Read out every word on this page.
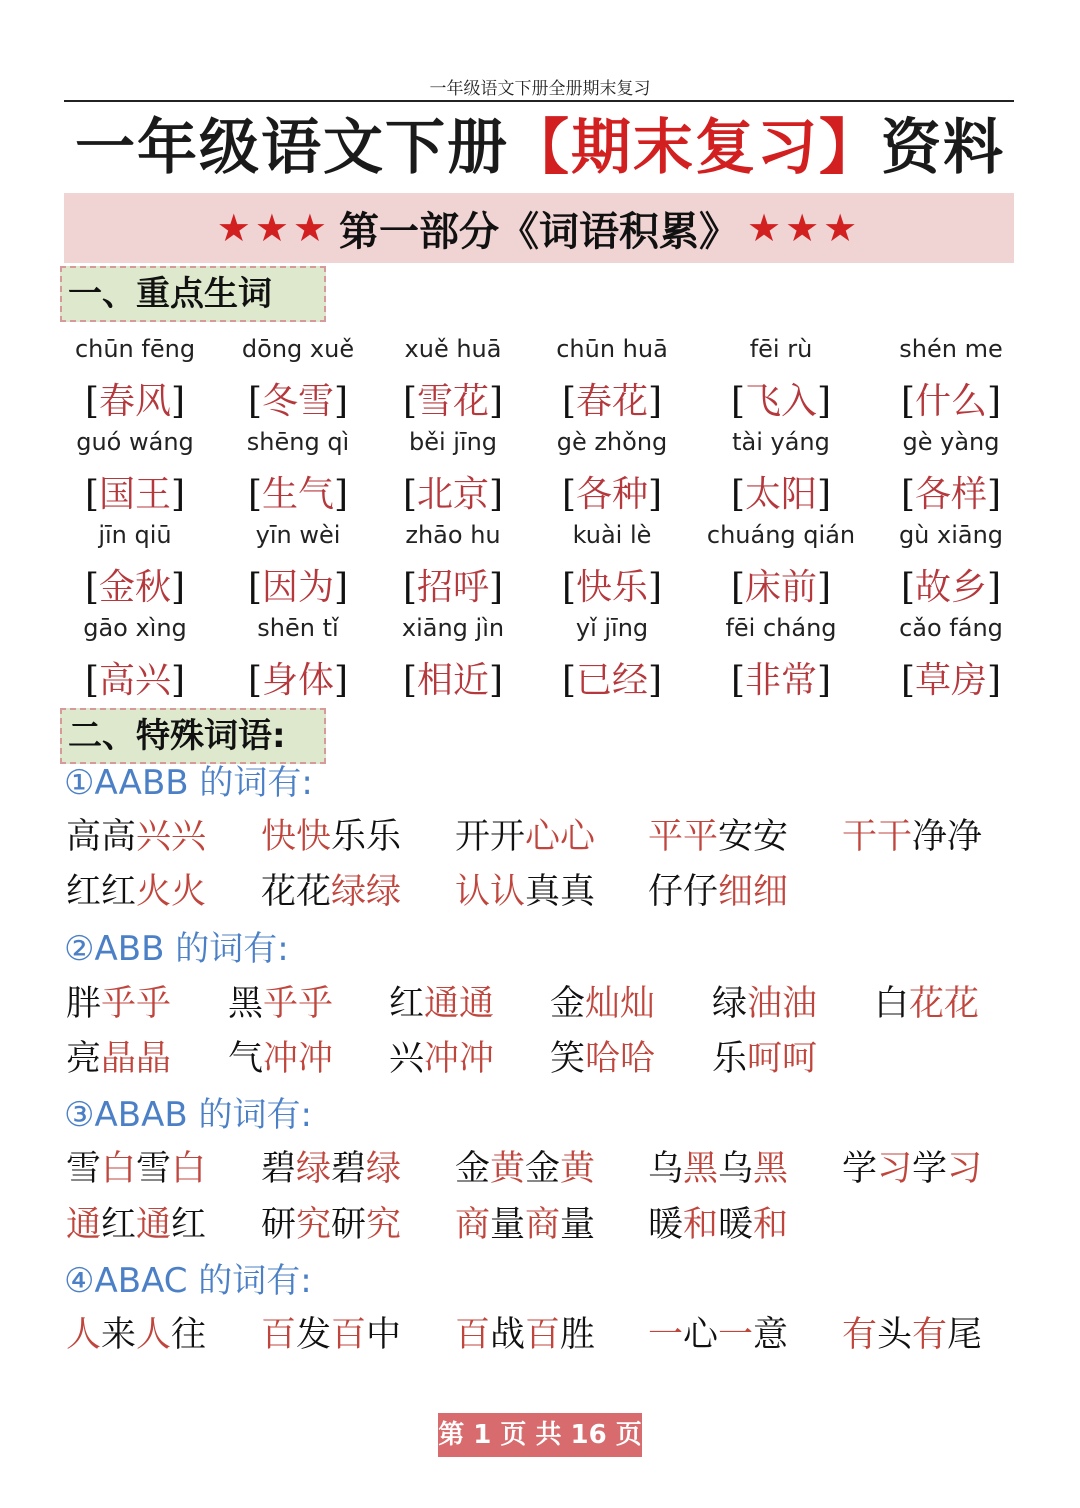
一年级语文下册全册期末复习
一年级语文下册【期末复习】资料
★★★ 第一部分《词语积累》 ★★★
一、重点生词
chūn fēng
[春风]
dōng xuě
[冬雪]
xuě huā
[雪花]
chūn huā
[春花]
fēi rù
[飞入]
shén me
[什么]
guó wáng
[国王]
shēng qì
[生气]
běi jīng
[北京]
gè zhǒng
[各种]
tài yáng
[太阳]
gè yàng
[各样]
jīn qiū
[金秋]
yīn wèi
[因为]
zhāo hu
[招呼]
kuài lè
[快乐]
chuáng qián
[床前]
gù xiāng
[故乡]
gāo xìng
[高兴]
shēn tǐ
[身体]
xiāng jìn
[相近]
yǐ jīng
[已经]
fēi cháng
[非常]
cǎo fáng
[草房]
二、特殊词语:
①AABB 的词有:
高高兴兴 快快乐乐 开开心心 平平安安 干干净净
红红火火 花花绿绿 认认真真 仔仔细细
②ABB 的词有:
胖乎乎 黑乎乎 红通通 金灿灿 绿油油 白花花
亮晶晶 气冲冲 兴冲冲 笑哈哈 乐呵呵
③ABAB 的词有:
雪白雪白 碧绿碧绿 金黄金黄 乌黑乌黑 学习学习
通红通红 研究研究 商量商量 暖和暖和
④ABAC 的词有:
人来人往 百发百中 百战百胜 一心一意 有头有尾
第 1 页 共 16 页
